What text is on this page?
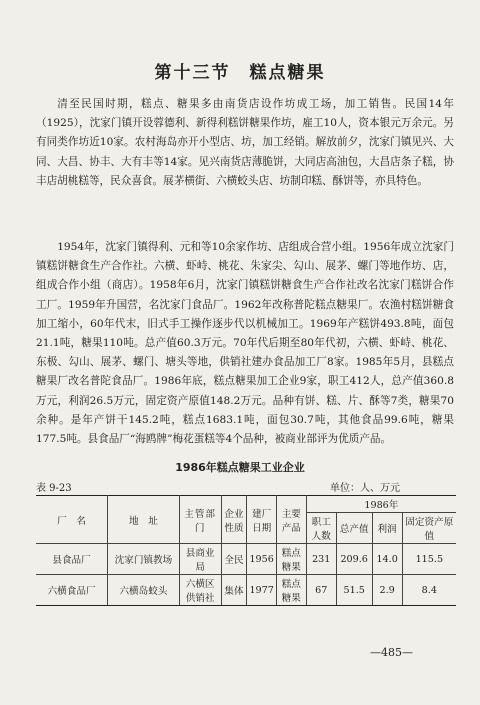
第十三节　糕点糖果

清至民国时期，糕点、糖果多由南货店设作坊成工场，加工销售。民国14年（1925），沈家门镇开设蓉德利、新得利糕饼糖果作坊，雇工10人，资本银元万余元。另有同类作坊近10家。农村海岛亦开小型店、坊，加工经销。解放前夕，沈家门镇见兴、大同、大昌、协丰、大有丰等14家。见兴南货店薄脆饼，大同店高油包，大昌店条子糕，协丰店胡桃糕等，民众喜食。展茅横街、六横蛟头店、坊制印糕、酥饼等，亦具特色。

1954年，沈家门镇得利、元和等10余家作坊、店组成合营小组。1956年成立沈家门镇糕饼糖食生产合作社。六横、虾峙、桃花、朱家尖、勾山、展茅、螺门等地作坊、店，组成合作小组（商店）。1958年6月，沈家门镇糕饼糖食生产合作社改名沈家门糕饼合作工厂。1959年升国营，名沈家门食品厂。1962年改称普陀糕点糖果厂。农渔村糕饼糖食加工缩小，60年代末，旧式手工操作逐步代以机械加工。1969年产糕饼493.8吨，面包21.1吨，糖果110吨。总产值60.3万元。70年代后期至80年代初，六横、虾峙、桃花、东极、勾山、展茅、螺门、塘头等地，供销社建办食品加工厂8家。1985年5月，县糕点糖果厂改名普陀食品厂。1986年底，糕点糖果加工企业9家，职工412人，总产值360.8万元，利润26.5万元，固定资产原值148.2万元。品种有饼、糕、片、酥等7类，糖果70余种。是年产饼干145.2吨，糕点1683.1吨，面包30.7吨，其他食品99.6吨，糖果177.5吨。县食品厂“海鸥牌”梅花蛋糕等4个品种，被商业部评为优质产品。

1986年糕点糖果工业企业
表 9-23	单位：人、万元
厂　名	地　址	主管部门	企业性质	建厂日期	主要产品	1986年			
						职工人数	总产值	利润	固定资产原值
县食品厂	沈家门镇教场	县商业局	全民	1956	糕点糖果	231	209.6	14.0	115.5
六横食品厂	六横岛蛟头	六横区供销社	集体	1977	糕点糖果	67	51.5	2.9	8.4
—485—
